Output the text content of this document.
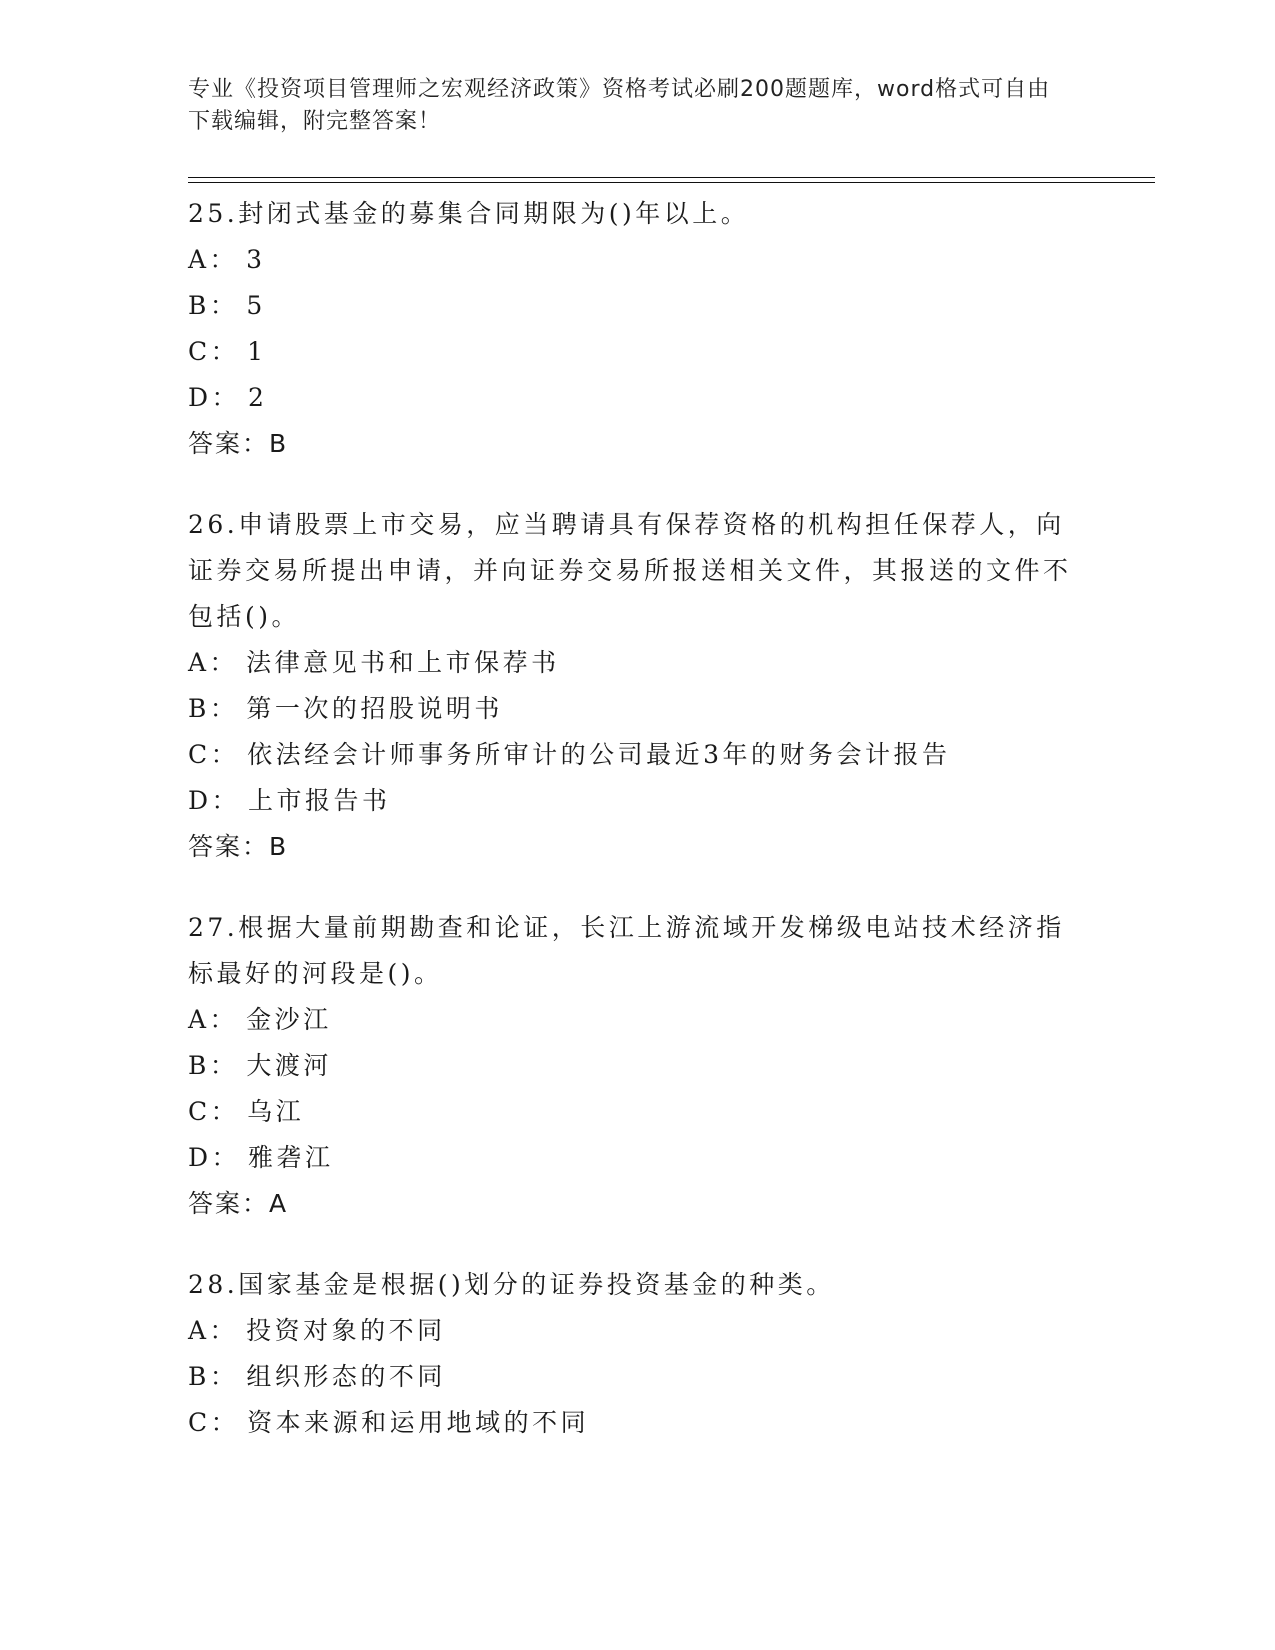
专业《投资项目管理师之宏观经济政策》资格考试必刷200题题库，word格式可自由下载编辑，附完整答案！
25.封闭式基金的募集合同期限为()年以上。
A： 3
B： 5
C： 1
D： 2
答案：B
26.申请股票上市交易，应当聘请具有保荐资格的机构担任保荐人，向证券交易所提出申请，并向证券交易所报送相关文件，其报送的文件不包括()。
A： 法律意见书和上市保荐书
B： 第一次的招股说明书
C： 依法经会计师事务所审计的公司最近3年的财务会计报告
D： 上市报告书
答案：B
27.根据大量前期勘查和论证，长江上游流域开发梯级电站技术经济指标最好的河段是()。
A： 金沙江
B： 大渡河
C： 乌江
D： 雅砻江
答案：A
28.国家基金是根据()划分的证券投资基金的种类。
A： 投资对象的不同
B： 组织形态的不同
C： 资本来源和运用地域的不同
